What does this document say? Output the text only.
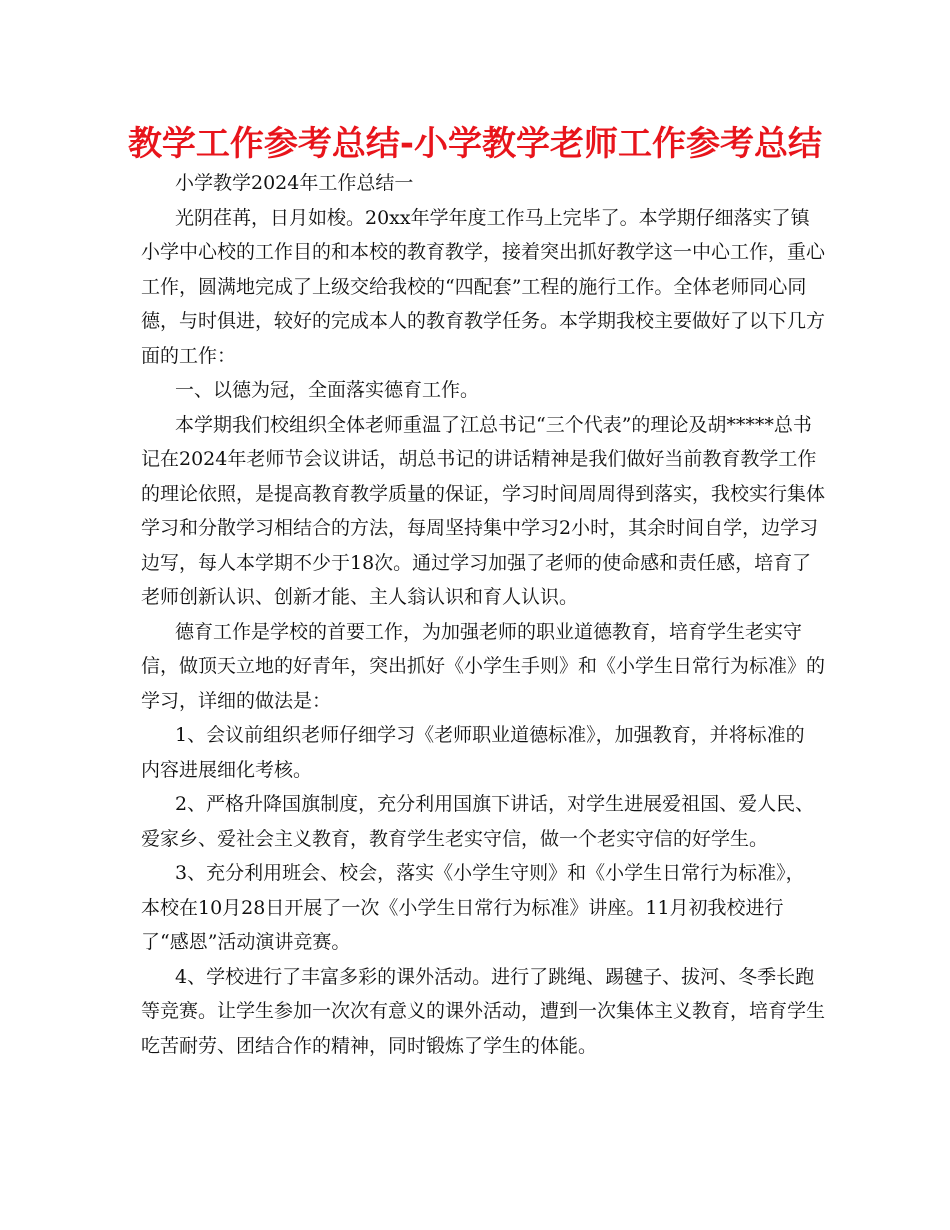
教学工作参考总结-小学教学老师工作参考总结
小学教学2024年工作总结一
光阴荏苒，日月如梭。20xx年学年度工作马上完毕了。本学期仔细落实了镇
小学中心校的工作目的和本校的教育教学，接着突出抓好教学这一中心工作，重心
工作，圆满地完成了上级交给我校的“四配套”工程的施行工作。全体老师同心同
德，与时俱进，较好的完成本人的教育教学任务。本学期我校主要做好了以下几方
面的工作：
一、以德为冠，全面落实德育工作。
本学期我们校组织全体老师重温了江总书记“三个代表”的理论及胡*****总书
记在2024年老师节会议讲话，胡总书记的讲话精神是我们做好当前教育教学工作
的理论依照，是提高教育教学质量的保证，学习时间周周得到落实，我校实行集体
学习和分散学习相结合的方法，每周坚持集中学习2小时，其余时间自学，边学习
边写，每人本学期不少于18次。通过学习加强了老师的使命感和责任感，培育了
老师创新认识、创新才能、主人翁认识和育人认识。
德育工作是学校的首要工作，为加强老师的职业道德教育，培育学生老实守
信，做顶天立地的好青年，突出抓好《小学生手则》和《小学生日常行为标准》的
学习，详细的做法是：
1、会议前组织老师仔细学习《老师职业道德标准》，加强教育，并将标准的
内容进展细化考核。
2、严格升降国旗制度，充分利用国旗下讲话，对学生进展爱祖国、爱人民、
爱家乡、爱社会主义教育，教育学生老实守信，做一个老实守信的好学生。
3、充分利用班会、校会，落实《小学生守则》和《小学生日常行为标准》，
本校在10月28日开展了一次《小学生日常行为标准》讲座。11月初我校进行
了“感恩”活动演讲竞赛。
4、学校进行了丰富多彩的课外活动。进行了跳绳、踢毽子、拔河、冬季长跑
等竞赛。让学生参加一次次有意义的课外活动，遭到一次集体主义教育，培育学生
吃苦耐劳、团结合作的精神，同时锻炼了学生的体能。
